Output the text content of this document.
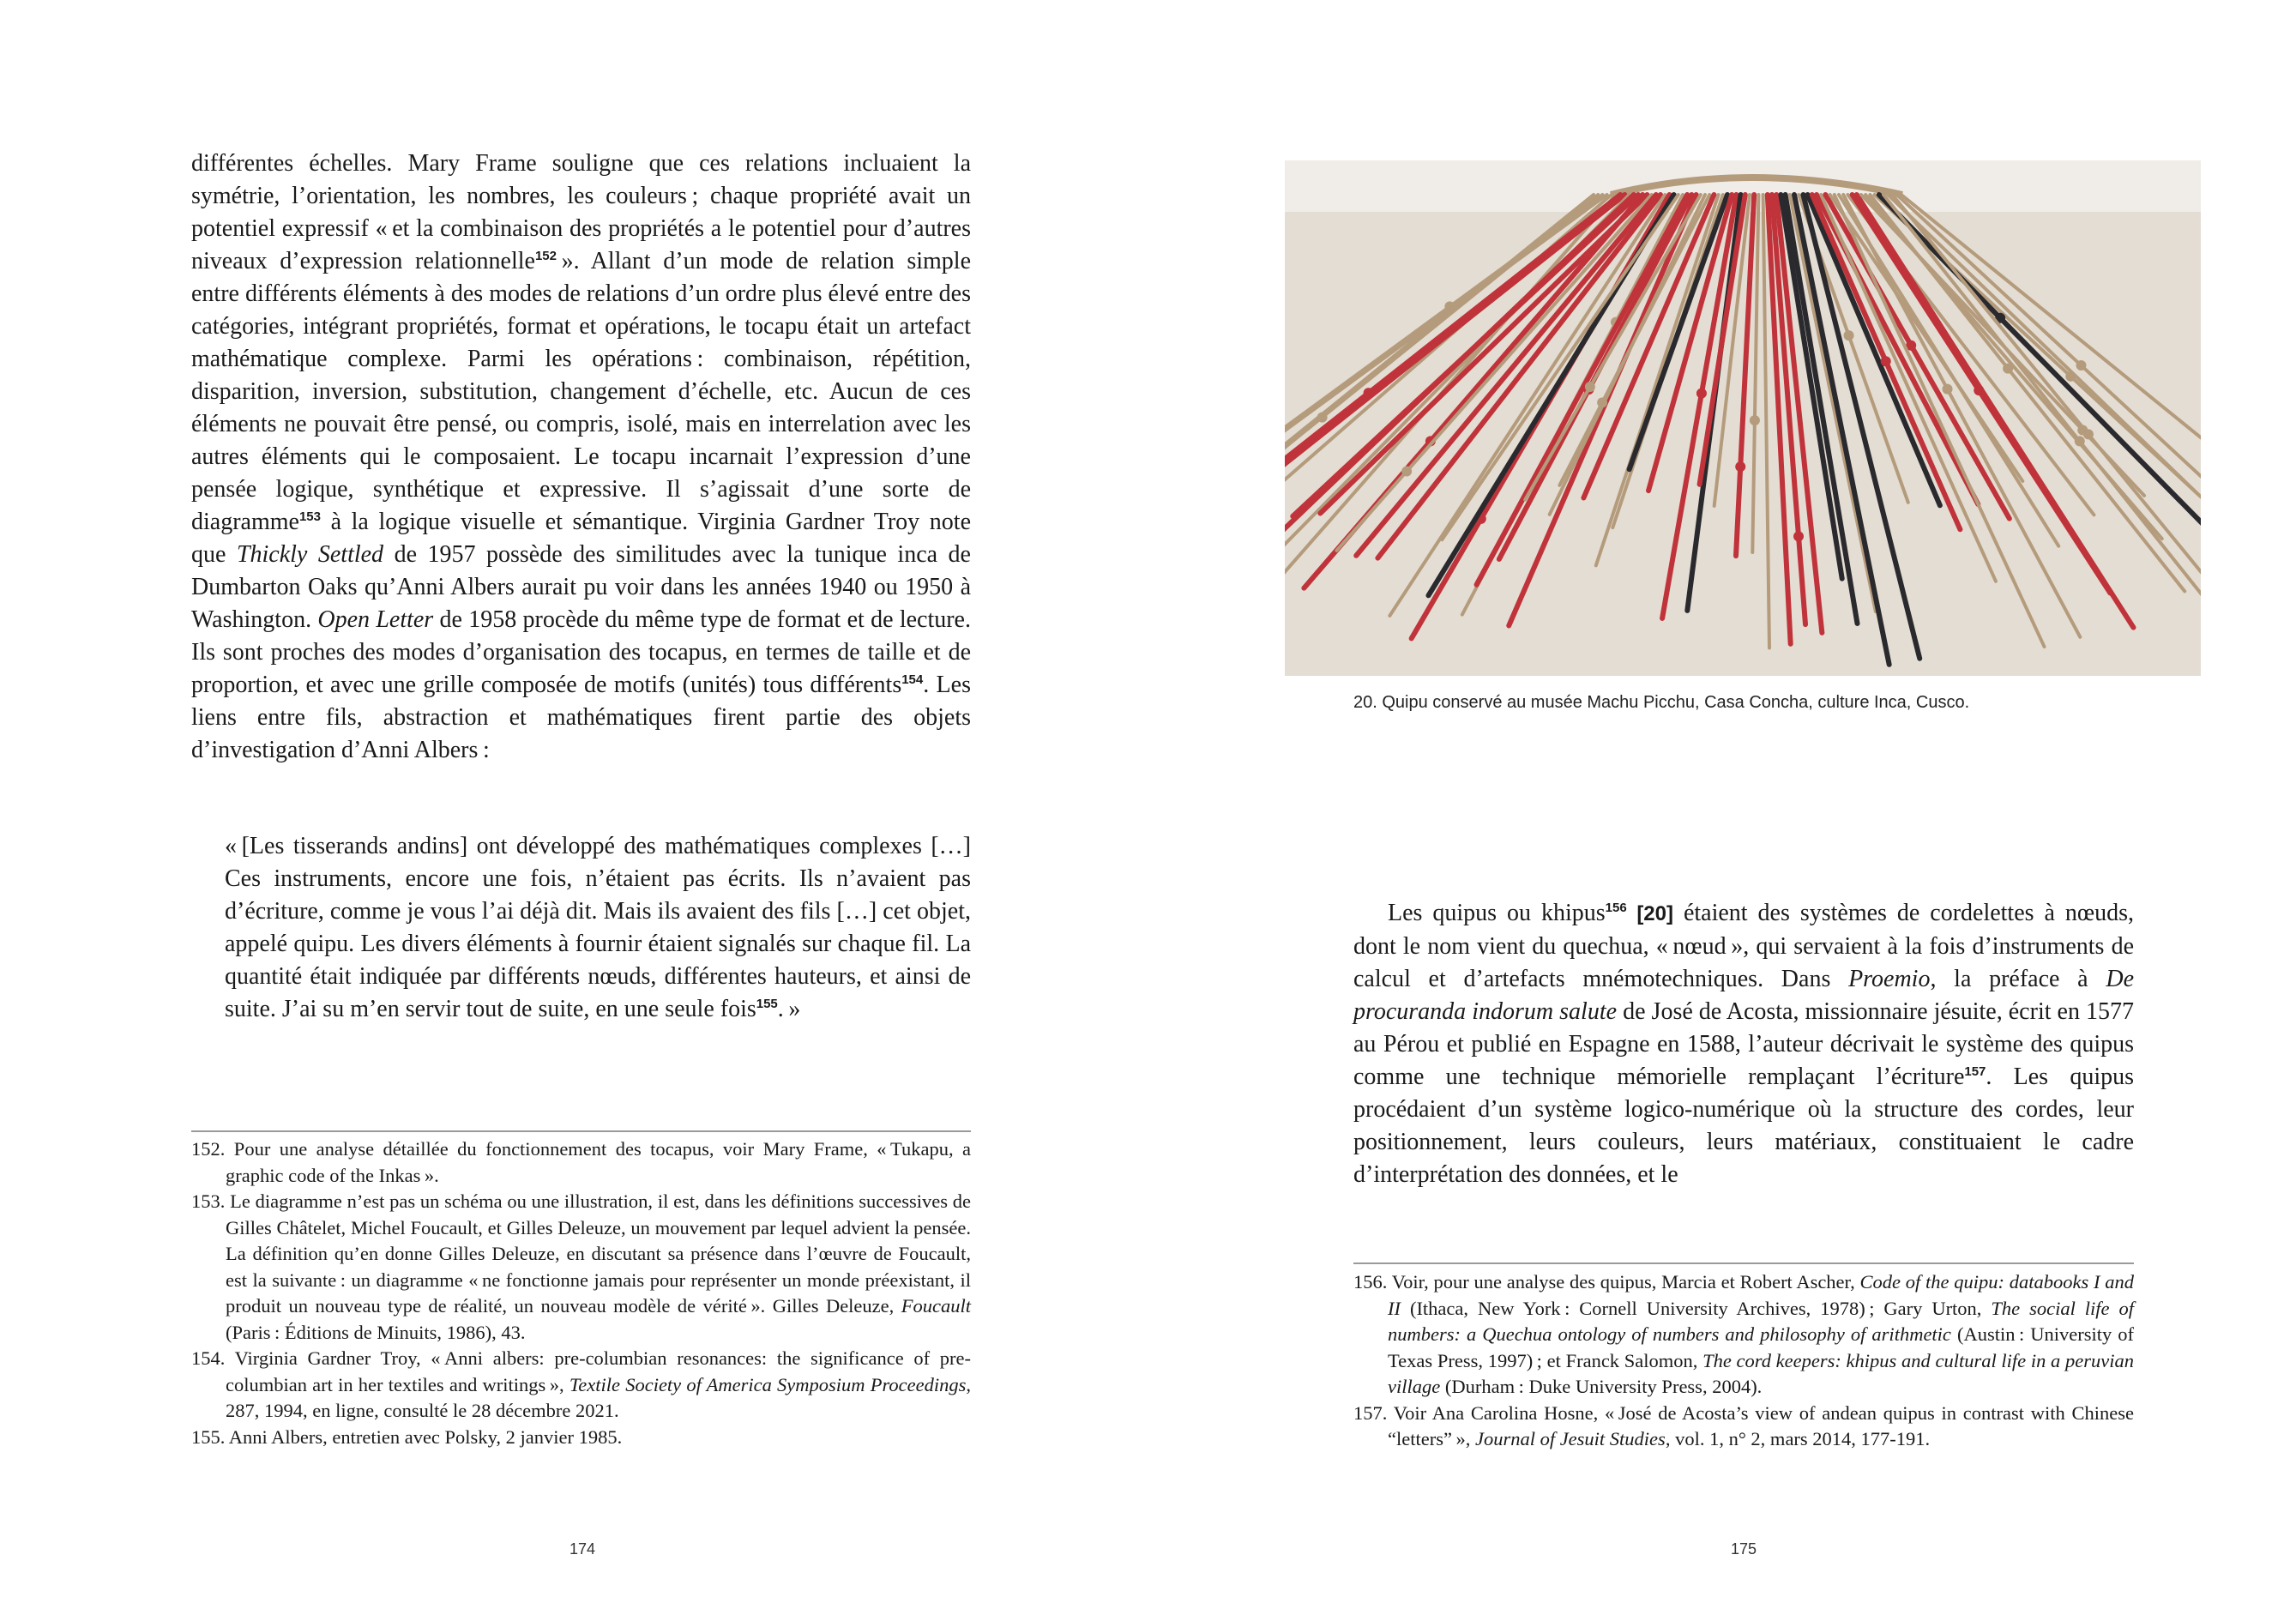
différentes échelles. Mary Frame souligne que ces relations incluaient la symétrie, l’orientation, les nombres, les couleurs ; chaque propriété avait un potentiel expressif « et la combinaison des propriétés a le potentiel pour d’autres niveaux d’expression relationnelle$^{152}$ ». Allant d’un mode de relation simple entre différents éléments à des modes de relations d’un ordre plus élevé entre des catégories, intégrant propriétés, format et opérations, le tocapu était un artefact mathématique complexe. Parmi les opérations : combinaison, répétition, disparition, inversion, substitution, changement d’échelle, etc. Aucun de ces éléments ne pouvait être pensé, ou compris, isolé, mais en interrelation avec les autres éléments qui le composaient. Le tocapu incarnait l’expression d’une pensée logique, synthétique et expressive. Il s’agissait d’une sorte de diagramme$^{153}$ à la logique visuelle et sémantique. Virginia Gardner Troy note que Thickly Settled de 1957 possède des similitudes avec la tunique inca de Dumbarton Oaks qu’Anni Albers aurait pu voir dans les années 1940 ou 1950 à Washington. Open Letter de 1958 procède du même type de format et de lecture. Ils sont proches des modes d’organisation des tocapus, en termes de taille et de proportion, et avec une grille composée de motifs (unités) tous différents$^{154}$. Les liens entre fils, abstraction et mathématiques firent partie des objets d’investigation d’Anni Albers :
« [Les tisserands andins] ont développé des mathématiques complexes […] Ces instruments, encore une fois, n’étaient pas écrits. Ils n’avaient pas d’écriture, comme je vous l’ai déjà dit. Mais ils avaient des fils […] cet objet, appelé quipu. Les divers éléments à fournir étaient signalés sur chaque fil. La quantité était indiquée par différents nœuds, différentes hauteurs, et ainsi de suite. J’ai su m’en servir tout de suite, en une seule fois$^{155}$. »
152. Pour une analyse détaillée du fonctionnement des tocapus, voir Mary Frame, « Tukapu, a graphic code of the Inkas ».
153. Le diagramme n’est pas un schéma ou une illustration, il est, dans les définitions successives de Gilles Châtelet, Michel Foucault, et Gilles Deleuze, un mouvement par lequel advient la pensée. La définition qu’en donne Gilles Deleuze, en discutant sa présence dans l’œuvre de Foucault, est la suivante : un diagramme « ne fonctionne jamais pour représenter un monde préexistant, il produit un nouveau type de réalité, un nouveau modèle de vérité ». Gilles Deleuze, Foucault (Paris : Éditions de Minuits, 1986), 43.
154. Virginia Gardner Troy, « Anni albers: pre-columbian resonances: the significance of pre-columbian art in her textiles and writings », Textile Society of America Symposium Proceedings, 287, 1994, en ligne, consulté le 28 décembre 2021.
155. Anni Albers, entretien avec Polsky, 2 janvier 1985.
174
20. Quipu conservé au musée Machu Picchu, Casa Concha, culture Inca, Cusco.

Les quipus ou khipus$^{156}$ [20] étaient des systèmes de cordelettes à nœuds, dont le nom vient du quechua, « nœud », qui servaient à la fois d’instruments de calcul et d’artefacts mnémotechniques. Dans Proemio, la préface à De procuranda indorum salute de José de Acosta, missionnaire jésuite, écrit en 1577 au Pérou et publié en Espagne en 1588, l’auteur décrivait le système des quipus comme une technique mémorielle remplaçant l’écriture$^{157}$. Les quipus procédaient d’un système logico-numérique où la structure des cordes, leur positionnement, leurs couleurs, leurs matériaux, constituaient le cadre d’interprétation des données, et le

156. Voir, pour une analyse des quipus, Marcia et Robert Ascher, Code of the quipu: databooks I and II (Ithaca, New York : Cornell University Archives, 1978) ; Gary Urton, The social life of numbers: a Quechua ontology of numbers and philosophy of arithmetic (Austin : University of Texas Press, 1997) ; et Franck Salomon, The cord keepers: khipus and cultural life in a peruvian village (Durham : Duke University Press, 2004).
157. Voir Ana Carolina Hosne, « José de Acosta’s view of andean quipus in contrast with Chinese “letters” », Journal of Jesuit Studies, vol. 1, n° 2, mars 2014, 177-191.
175
